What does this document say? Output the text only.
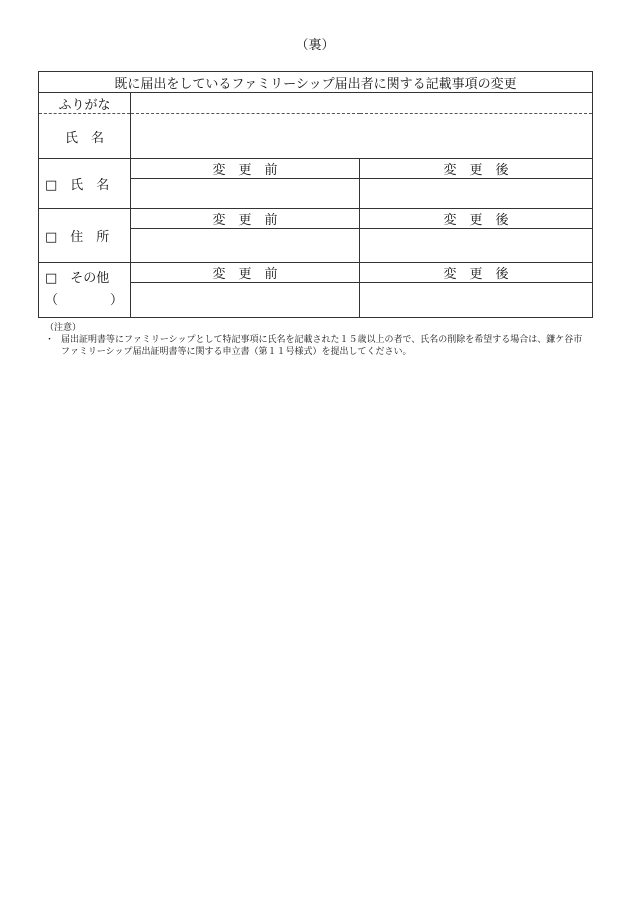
（裏）
既に届出をしているファミリーシップ届出者に関する記載事項の変更		
ふりがな		
氏　名		
□　氏　名	変　更　前	変　更　後

□　住　所	変　更　前	変　更　後

□　その他
（　　　　）	変　更　前	変　更　後

（注意）
・ 届出証明書等にファミリーシップとして特記事項に氏名を記載された１５歳以上の者で、氏名の削除を希望する場合は、鎌ケ谷市
ファミリーシップ届出証明書等に関する申立書（第１１号様式）を提出してください。
